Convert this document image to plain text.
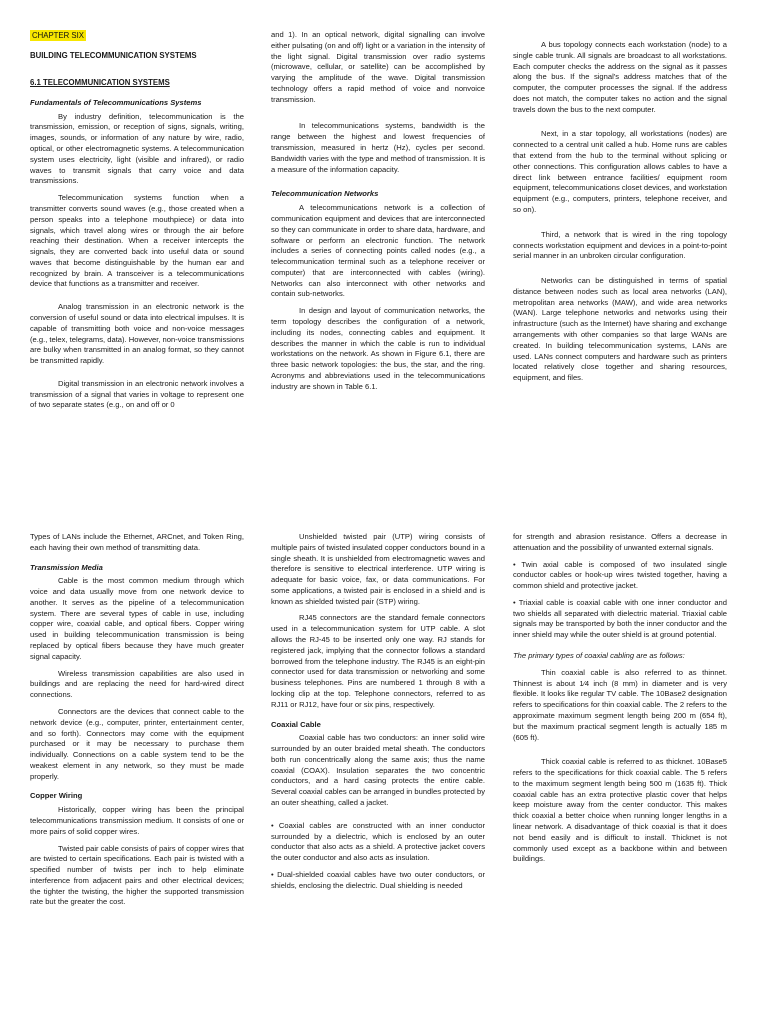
CHAPTER SIX
BUILDING TELECOMMUNICATION SYSTEMS
6.1 TELECOMMUNICATION SYSTEMS
Fundamentals of Telecommunications Systems

By industry definition, telecommunication is the transmission, emission, or reception of signs, signals, writing, images, sounds, or information of any nature by wire, radio, optical, or other electromagnetic systems. A telecommunication system uses electricity, light (visible and infrared), or radio waves to transmit signals that carry voice and data transmissions.

Telecommunication systems function when a transmitter converts sound waves (e.g., those created when a person speaks into a telephone mouthpiece) or data into signals, which travel along wires or through the air before reaching their destination. When a receiver intercepts the signals, they are converted back into useful data or sound waves that become distinguishable by the human ear and recognized by brain. A transceiver is a telecommunications device that functions as a transmitter and receiver.

Analog transmission in an electronic network is the conversion of useful sound or data into electrical impulses. It is capable of transmitting both voice and non-voice messages (e.g., telex, telegrams, data). However, non-voice transmissions are bulky when transmitted in an analog format, so they cannot be transmitted rapidly.

Digital transmission in an electronic network involves a transmission of a signal that varies in voltage to represent one of two separate states (e.g., on and off or 0

and 1). In an optical network, digital signalling can involve either pulsating (on and off) light or a variation in the intensity of the light signal. Digital transmission over radio systems (microwave, cellular, or satellite) can be accomplished by varying the amplitude of the wave. Digital transmission technology offers a rapid method of voice and nonvoice transmission.

In telecommunications systems, bandwidth is the range between the highest and lowest frequencies of transmission, measured in hertz (Hz), cycles per second. Bandwidth varies with the type and method of transmission. It is a measure of the information capacity.

Telecommunication Networks

A telecommunications network is a collection of communication equipment and devices that are interconnected so they can communicate in order to share data, hardware, and software or perform an electronic function. The network includes a series of connecting points called nodes (e.g., a telecommunication terminal such as a telephone receiver or computer) that are interconnected with cables (wiring). Networks can also interconnect with other networks and contain sub-networks.

In design and layout of communication networks, the term topology describes the configuration of a network, including its nodes, connecting cables and equipment. It describes the manner in which the cable is run to individual workstations on the network. As shown in Figure 6.1, there are three basic network topologies: the bus, the star, and the ring. Acronyms and abbreviations used in the telecommunications industry are shown in Table 6.1.

A bus topology connects each workstation (node) to a single cable trunk. All signals are broadcast to all workstations. Each computer checks the address on the signal as it passes along the bus. If the signal's address matches that of the computer, the computer processes the signal. If the address does not match, the computer takes no action and the signal travels down the bus to the next computer.

Next, in a star topology, all workstations (nodes) are connected to a central unit called a hub. Home runs are cables that extend from the hub to the terminal without splicing or other connections. This configuration allows cables to have a direct link between entrance facilities/ equipment room equipment, telecommunications closet devices, and workstation equipment (e.g., computers, printers, telephone receiver, and so on).

Third, a network that is wired in the ring topology connects workstation equipment and devices in a point-to-point serial manner in an unbroken circular configuration.

Networks can be distinguished in terms of spatial distance between nodes such as local area networks (LAN), metropolitan area networks (MAW), and wide area networks (WAN). Large telephone networks and networks using their infrastructure (such as the Internet) have sharing and exchange arrangements with other companies so that large WANs are created. In building telecommunication systems, LANs are used. LANs connect computers and hardware such as printers located relatively close together and sharing resources, equipment, and files.

Types of LANs include the Ethernet, ARCnet, and Token Ring, each having their own method of transmitting data.

Transmission Media

Cable is the most common medium through which voice and data usually move from one network device to another. It serves as the pipeline of a telecommunication system. There are several types of cable in use, including copper wire, coaxial cable, and optical fibers. Copper wiring used in building telecommunication transmission is being replaced by optical fibers because they have much greater signal capacity.

Wireless transmission capabilities are also used in buildings and are replacing the need for hard-wired direct connections.

Connectors are the devices that connect cable to the network device (e.g., computer, printer, entertainment center, and so forth). Connectors may come with the equipment purchased or it may be necessary to purchase them individually. Connections on a cable system tend to be the weakest element in any network, so they must be made properly.

Copper Wiring

Historically, copper wiring has been the principal telecommunications transmission medium. It consists of one or more pairs of solid copper wires.

Twisted pair cable consists of pairs of copper wires that are twisted to certain specifications. Each pair is twisted with a specified number of twists per inch to help eliminate interference from adjacent pairs and other electrical devices; the tighter the twisting, the higher the supported transmission rate but the greater the cost.

Unshielded twisted pair (UTP) wiring consists of multiple pairs of twisted insulated copper conductors bound in a single sheath. It is unshielded from electromagnetic waves and therefore is sensitive to electrical interference. UTP wiring is adequate for basic voice, fax, or data communications. For some applications, a twisted pair is enclosed in a shield and is known as shielded twisted pair (STP) wiring.

RJ45 connectors are the standard female connectors used in a telecommunication system for UTP cable. A slot allows the RJ-45 to be inserted only one way. RJ stands for registered jack, implying that the connector follows a standard borrowed from the telephone industry. The RJ45 is an eight-pin connector used for data transmission or networking and some business telephones. Pins are numbered 1 through 8 with a locking clip at the top. Telephone connectors, referred to as RJ11 or RJ12, have four or six pins, respectively.

Coaxial Cable

Coaxial cable has two conductors: an inner solid wire surrounded by an outer braided metal sheath. The conductors both run concentrically along the same axis; thus the name coaxial (COAX). Insulation separates the two concentric conductors, and a hard casing protects the entire cable. Several coaxial cables can be arranged in bundles protected by an outer sheathing, called a jacket.

• Coaxial cables are constructed with an inner conductor surrounded by a dielectric, which is enclosed by an outer conductor that also acts as a shield. A protective jacket covers the outer conductor and also acts as insulation.

• Dual-shielded coaxial cables have two outer conductors, or shields, enclosing the dielectric. Dual shielding is needed

for strength and abrasion resistance. Offers a decrease in attenuation and the possibility of unwanted external signals.

• Twin axial cable is composed of two insulated single conductor cables or hook-up wires twisted together, having a common shield and protective jacket.

• Triaxial cable is coaxial cable with one inner conductor and two shields all separated with dielectric material. Triaxial cable signals may be transported by both the inner conductor and the inner shield may while the outer shield is at ground potential.

The primary types of coaxial cabling are as follows:

Thin coaxial cable is also referred to as thinnet. Thinnest is about 1⁄4 inch (8 mm) in diameter and is very flexible. It looks like regular TV cable. The 10Base2 designation refers to specifications for thin coaxial cable. The 2 refers to the approximate maximum segment length being 200 m (654 ft), but the maximum practical segment length is actually 185 m (605 ft).

Thick coaxial cable is referred to as thicknet. 10Base5 refers to the specifications for thick coaxial cable. The 5 refers to the maximum segment length being 500 m (1635 ft). Thick coaxial cable has an extra protective plastic cover that helps keep moisture away from the center conductor. This makes thick coaxial a better choice when running longer lengths in a linear network. A disadvantage of thick coaxial is that it does not bend easily and is difficult to install. Thicknet is not commonly used except as a backbone within and between buildings.
